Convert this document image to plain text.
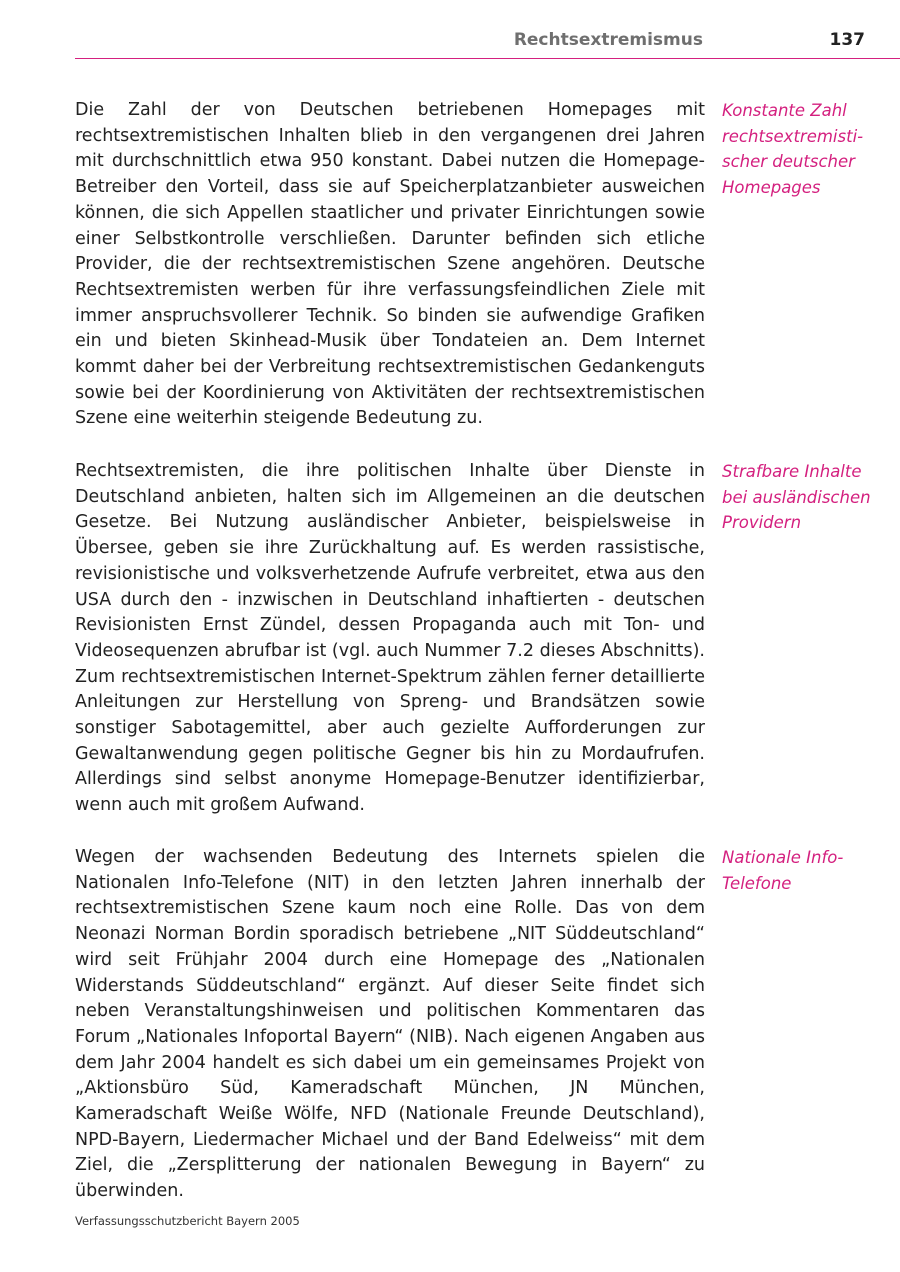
Rechtsextremismus	137

Die Zahl der von Deutschen betriebenen Homepages mit rechtsextremistischen Inhalten blieb in den vergangenen drei Jahren mit durchschnittlich etwa 950 konstant. Dabei nutzen die Homepage-Betreiber den Vorteil, dass sie auf Speicherplatzanbieter ausweichen können, die sich Appellen staatlicher und privater Einrichtungen sowie einer Selbstkontrolle verschließen. Darunter befinden sich etliche Provider, die der rechtsextremistischen Szene angehören. Deutsche Rechtsextremisten werben für ihre verfassungsfeindlichen Ziele mit immer anspruchsvollerer Technik. So binden sie aufwendige Grafiken ein und bieten Skinhead-Musik über Tondateien an. Dem Internet kommt daher bei der Verbreitung rechtsextremistischen Gedankenguts sowie bei der Koordinierung von Aktivitäten der rechtsextremistischen Szene eine weiterhin steigende Bedeutung zu.

Konstante Zahl rechtsextremistischer deutscher Homepages

Rechtsextremisten, die ihre politischen Inhalte über Dienste in Deutschland anbieten, halten sich im Allgemeinen an die deutschen Gesetze. Bei Nutzung ausländischer Anbieter, beispielsweise in Übersee, geben sie ihre Zurückhaltung auf. Es werden rassistische, revisionistische und volksverhetzende Aufrufe verbreitet, etwa aus den USA durch den - inzwischen in Deutschland inhaftierten - deutschen Revisionisten Ernst Zündel, dessen Propaganda auch mit Ton- und Videosequenzen abrufbar ist (vgl. auch Nummer 7.2 dieses Abschnitts). Zum rechtsextremistischen Internet-Spektrum zählen ferner detaillierte Anleitungen zur Herstellung von Spreng- und Brandsätzen sowie sonstiger Sabotagemittel, aber auch gezielte Aufforderungen zur Gewaltanwendung gegen politische Gegner bis hin zu Mordaufrufen. Allerdings sind selbst anonyme Homepage-Benutzer identifizierbar, wenn auch mit großem Aufwand.

Strafbare Inhalte bei ausländischen Providern

Wegen der wachsenden Bedeutung des Internets spielen die Nationalen Info-Telefone (NIT) in den letzten Jahren innerhalb der rechtsextremistischen Szene kaum noch eine Rolle. Das von dem Neonazi Norman Bordin sporadisch betriebene „NIT Süddeutschland“ wird seit Frühjahr 2004 durch eine Homepage des „Nationalen Widerstands Süddeutschland“ ergänzt. Auf dieser Seite findet sich neben Veranstaltungshinweisen und politischen Kommentaren das Forum „Nationales Infoportal Bayern“ (NIB). Nach eigenen Angaben aus dem Jahr 2004 handelt es sich dabei um ein gemeinsames Projekt von „Aktionsbüro Süd, Kameradschaft München, JN München, Kameradschaft Weiße Wölfe, NFD (Nationale Freunde Deutschland), NPD-Bayern, Liedermacher Michael und der Band Edelweiss“ mit dem Ziel, die „Zersplitterung der nationalen Bewegung in Bayern“ zu überwinden.

Nationale Info-Telefone

Verfassungsschutzbericht Bayern 2005
